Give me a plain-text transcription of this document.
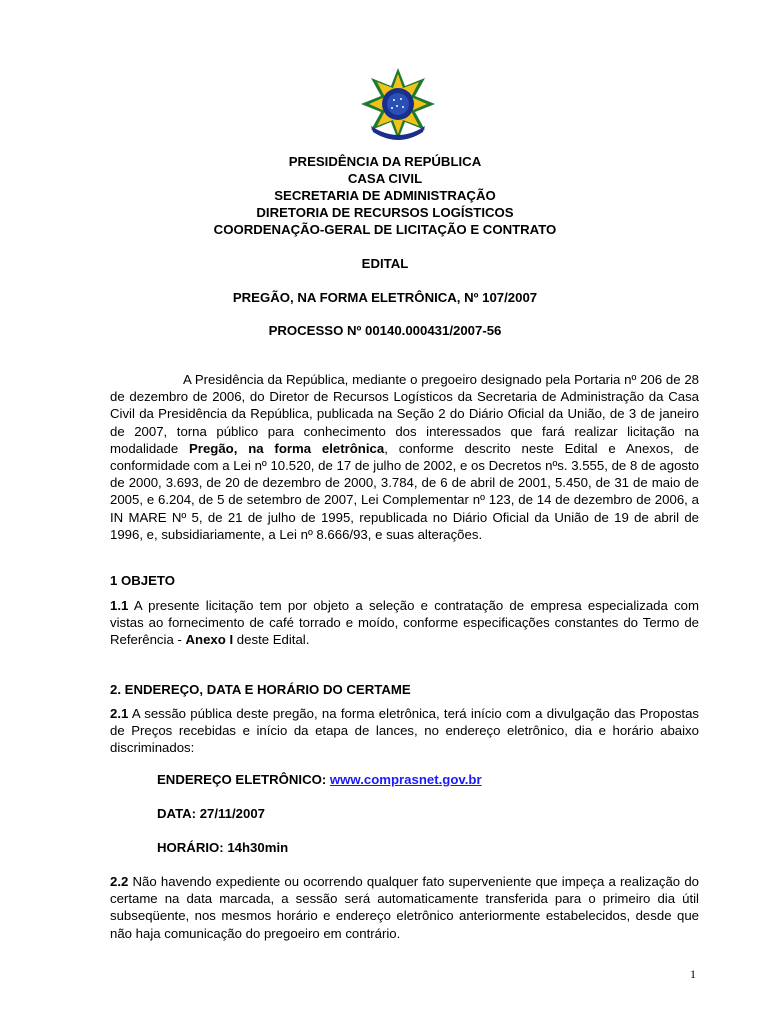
PRESIDÊNCIA DA REPÚBLICA
CASA CIVIL
SECRETARIA DE ADMINISTRAÇÃO
DIRETORIA DE RECURSOS LOGÍSTICOS
COORDENAÇÃO-GERAL DE LICITAÇÃO E CONTRATO
EDITAL
PREGÃO, NA FORMA ELETRÔNICA, Nº 107/2007
PROCESSO Nº 00140.000431/2007-56

A Presidência da República, mediante o pregoeiro designado pela Portaria nº 206 de 28 de dezembro de 2006, do Diretor de Recursos Logísticos da Secretaria de Administração da Casa Civil da Presidência da República, publicada na Seção 2 do Diário Oficial da União, de 3 de janeiro de 2007, torna público para conhecimento dos interessados que fará realizar licitação na modalidade Pregão, na forma eletrônica, conforme descrito neste Edital e Anexos, de conformidade com a Lei nº 10.520, de 17 de julho de 2002, e os Decretos nºs. 3.555, de 8 de agosto de 2000, 3.693, de 20 de dezembro de 2000, 3.784, de 6 de abril de 2001, 5.450, de 31 de maio de 2005, e 6.204, de 5 de setembro de 2007, Lei Complementar nº 123, de 14 de dezembro de 2006, a IN MARE Nº 5, de 21 de julho de 1995, republicada no Diário Oficial da União de 19 de abril de 1996, e, subsidiariamente, a Lei nº 8.666/93, e suas alterações.

1 OBJETO

1.1 A presente licitação tem por objeto a seleção e contratação de empresa especializada com vistas ao fornecimento de café torrado e moído, conforme especificações constantes do Termo de Referência - Anexo I deste Edital.

2. ENDEREÇO, DATA E HORÁRIO DO CERTAME

2.1 A sessão pública deste pregão, na forma eletrônica, terá início com a divulgação das Propostas de Preços recebidas e início da etapa de lances, no endereço eletrônico, dia e horário abaixo discriminados:

ENDEREÇO ELETRÔNICO: www.comprasnet.gov.br
DATA: 27/11/2007
HORÁRIO: 14h30min

2.2 Não havendo expediente ou ocorrendo qualquer fato superveniente que impeça a realização do certame na data marcada, a sessão será automaticamente transferida para o primeiro dia útil subseqüente, nos mesmos horário e endereço eletrônico anteriormente estabelecidos, desde que não haja comunicação do pregoeiro em contrário.

1
